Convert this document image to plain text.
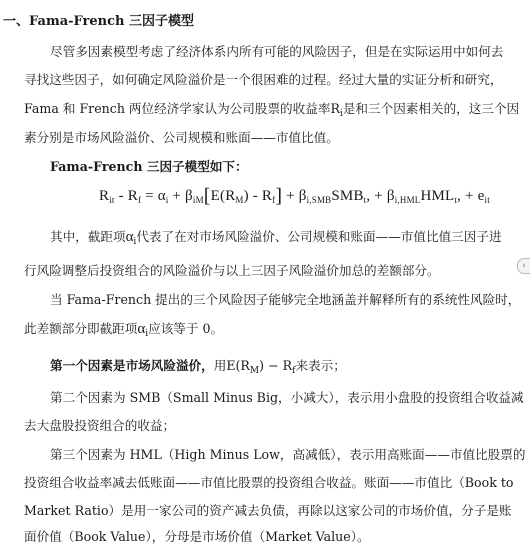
一、Fama-French 三因子模型
尽管多因素模型考虑了经济体系内所有可能的风险因子，但是在实际运用中如何去
寻找这些因子，如何确定风险溢价是一个很困难的过程。经过大量的实证分析和研究，
Fama 和 French 两位经济学家认为公司股票的收益率$R_i$是和三个因素相关的，这三个因
素分别是市场风险溢价、公司规模和账面——市值比值。
Fama-French 三因子模型如下：
$R_{it} - R_f = \alpha_i + \beta_{iM}[E(R_M) - R_f] + \beta_{i,SMB}SMB_t$, + $\beta_{i,HML}HML_t$, + $e_{it}$
其中，截距项$\alpha_i$代表了在对市场风险溢价、公司规模和账面——市值比值三因子进
行风险调整后投资组合的风险溢价与以上三因子风险溢价加总的差额部分。	‹
当 Fama-French 提出的三个风险因子能够完全地涵盖并解释所有的系统性风险时，
此差额部分即截距项$\alpha_i$应该等于 0。
第一个因素是市场风险溢价，用$E(R_M) - R_f$来表示；
第二个因素为 SMB（Small Minus Big，小减大），表示用小盘股的投资组合收益减
去大盘股投资组合的收益；
第三个因素为 HML（High Minus Low，高减低），表示用高账面——市值比股票的
投资组合收益率减去低账面——市值比股票的投资组合收益。账面——市值比（Book to
Market Ratio）是用一家公司的资产减去负债，再除以这家公司的市场价值，分子是账
面价值（Book Value），分母是市场价值（Market Value）。
